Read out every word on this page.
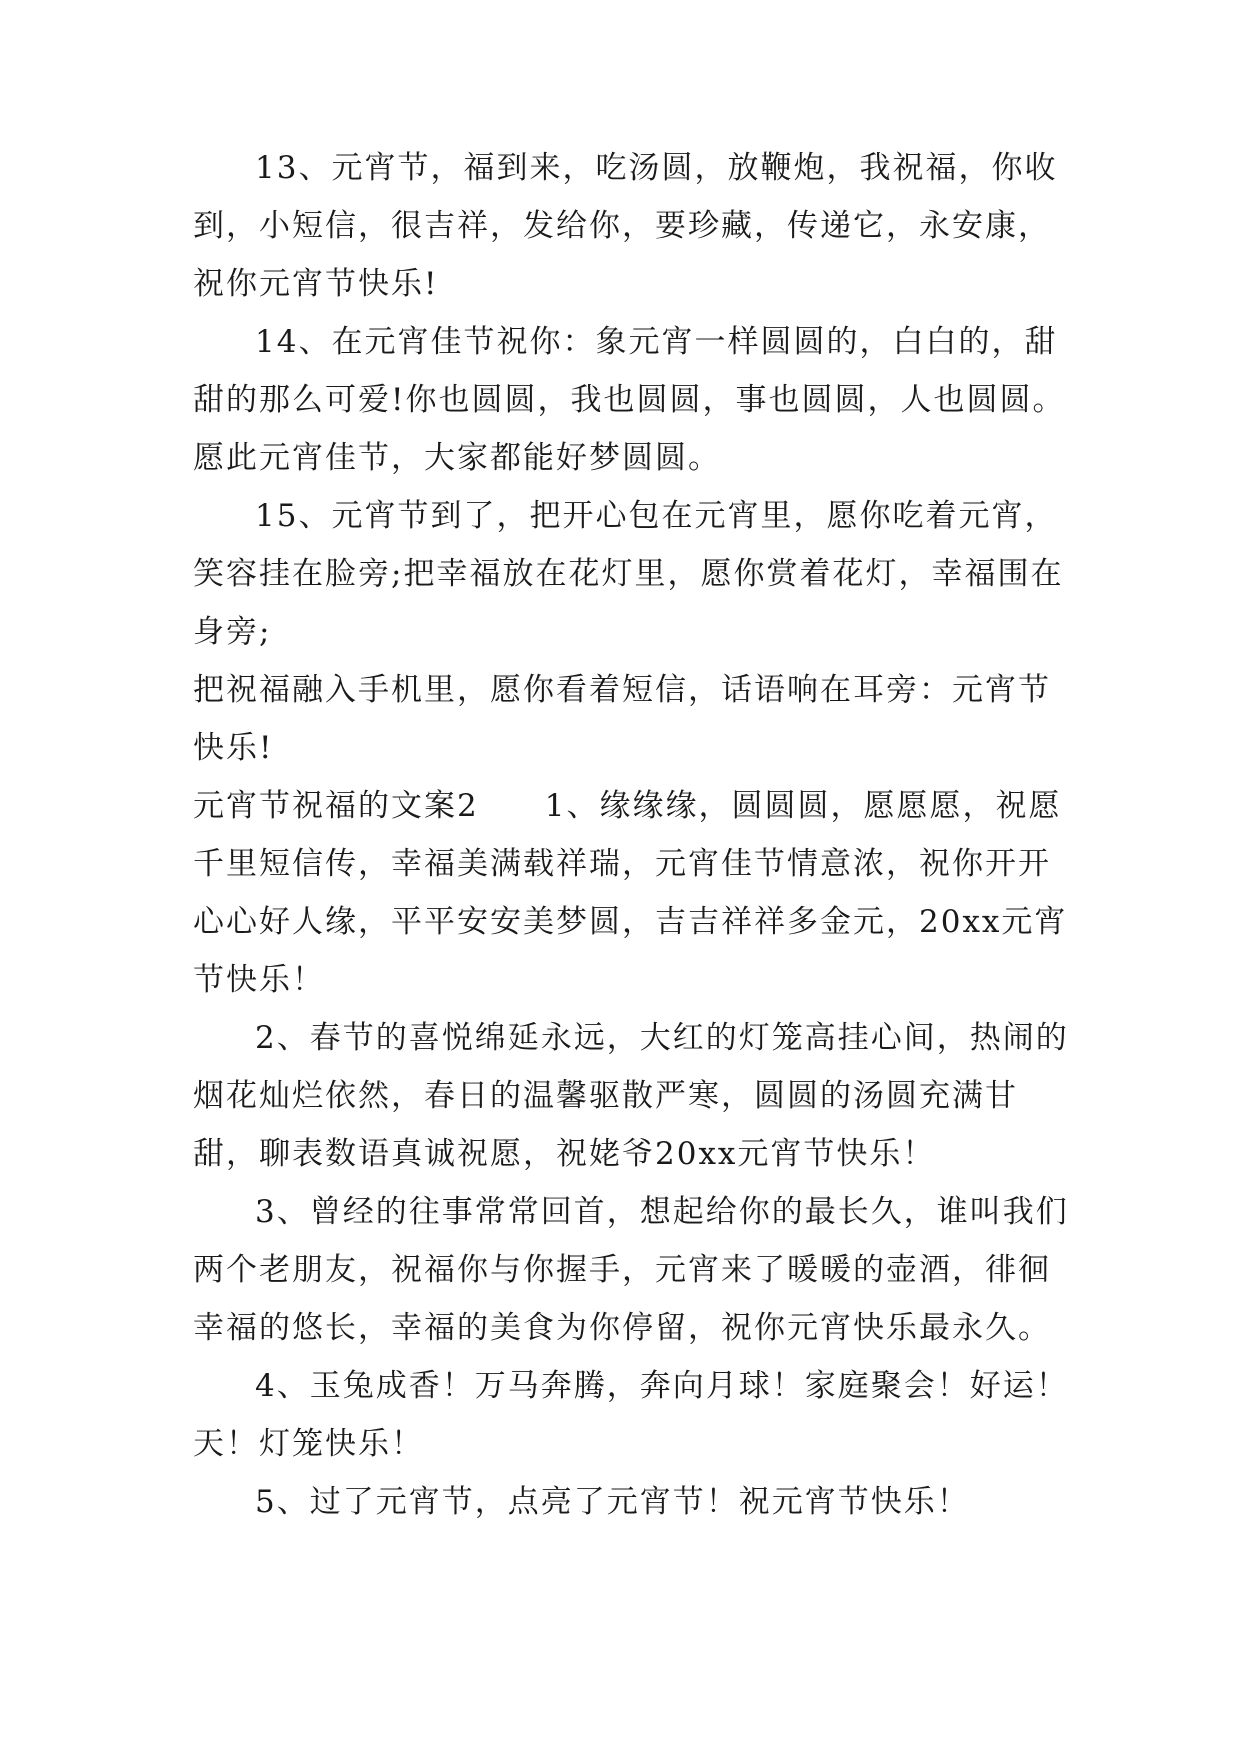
13、元宵节，福到来，吃汤圆，放鞭炮，我祝福，你收到，小短信，很吉祥，发给你，要珍藏，传递它，永安康，祝你元宵节快乐!

14、在元宵佳节祝你：象元宵一样圆圆的，白白的，甜甜的那么可爱!你也圆圆，我也圆圆，事也圆圆，人也圆圆。愿此元宵佳节，大家都能好梦圆圆。

15、元宵节到了，把开心包在元宵里，愿你吃着元宵，笑容挂在脸旁;把幸福放在花灯里，愿你赏着花灯，幸福围在身旁;

把祝福融入手机里，愿你看着短信，话语响在耳旁：元宵节快乐!

元宵节祝福的文案2　　1、缘缘缘，圆圆圆，愿愿愿，祝愿千里短信传，幸福美满载祥瑞，元宵佳节情意浓，祝你开开心心好人缘，平平安安美梦圆，吉吉祥祥多金元，20xx元宵节快乐！

2、春节的喜悦绵延永远，大红的灯笼高挂心间，热闹的烟花灿烂依然，春日的温馨驱散严寒，圆圆的汤圆充满甘甜，聊表数语真诚祝愿，祝姥爷20xx元宵节快乐！

3、曾经的往事常常回首，想起给你的最长久，谁叫我们两个老朋友，祝福你与你握手，元宵来了暖暖的壶酒，徘徊幸福的悠长，幸福的美食为你停留，祝你元宵快乐最永久。

4、玉兔成香！万马奔腾，奔向月球！家庭聚会！好运！天！灯笼快乐！

5、过了元宵节，点亮了元宵节！祝元宵节快乐！
